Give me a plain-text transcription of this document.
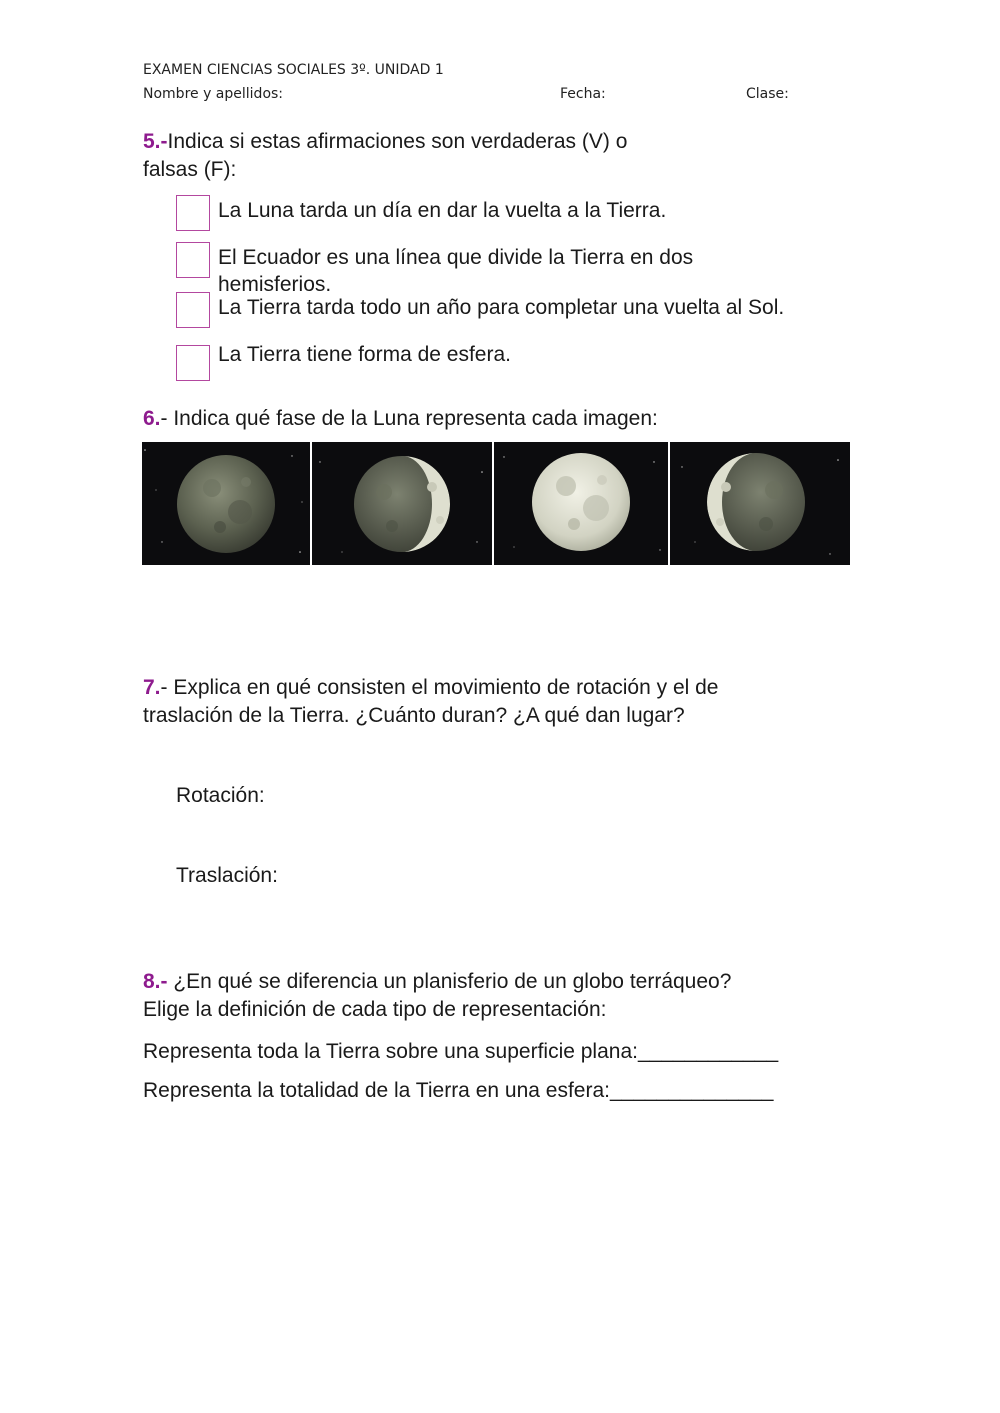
EXAMEN CIENCIAS SOCIALES 3º. UNIDAD 1
Nombre y apellidos:	Fecha:	Clase:
5.-Indica si estas afirmaciones son verdaderas (V) o
falsas (F):
La Luna tarda un día en dar la vuelta a la Tierra.
El Ecuador es una línea que divide la Tierra en dos
hemisferios.
La Tierra tarda todo un año para completar una vuelta al Sol.
La Tierra tiene forma de esfera.
6.- Indica qué fase de la Luna representa cada imagen:
7.- Explica en qué consisten el movimiento de rotación y el de
traslación de la Tierra. ¿Cuánto duran? ¿A qué dan lugar?
Rotación:
Traslación:
8.- ¿En qué se diferencia un planisferio de un globo terráqueo?
Elige la definición de cada tipo de representación:
Representa toda la Tierra sobre una superficie plana:____________
Representa la totalidad de la Tierra en una esfera:______________
